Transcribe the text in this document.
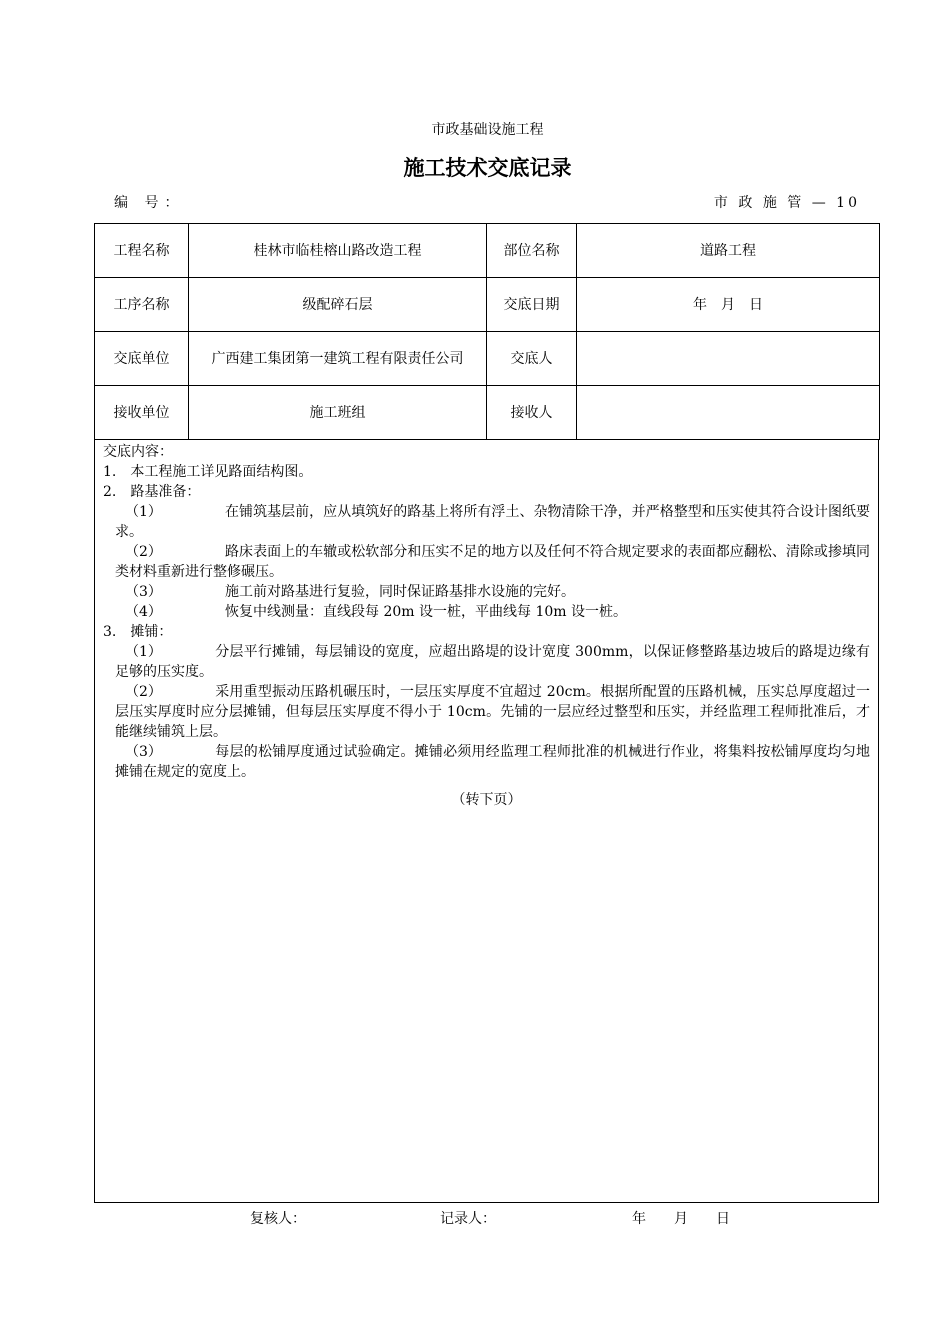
市政基础设施工程
施工技术交底记录
编 号：	市 政 施 管 — 10
工程名称	桂林市临桂榕山路改造工程	部位名称	道路工程
工序名称	级配碎石层	交底日期	年　月　日
交底单位	广西建工集团第一建筑工程有限责任公司	交底人	
接收单位	施工班组	接收人	
交底内容：
1.　本工程施工详见路面结构图。
2.　路基准备：
（1）	在铺筑基层前，应从填筑好的路基上将所有浮土、杂物清除干净，并严格整型和压实使其符合设计图纸要求。
（2）	路床表面上的车辙或松软部分和压实不足的地方以及任何不符合规定要求的表面都应翻松、清除或掺填同类材料重新进行整修碾压。
（3）	施工前对路基进行复验，同时保证路基排水设施的完好。
（4）	恢复中线测量：直线段每 20m 设一桩，平曲线每 10m 设一桩。
3.　摊铺：
（1）	分层平行摊铺，每层铺设的宽度，应超出路堤的设计宽度 300mm，以保证修整路基边坡后的路堤边缘有足够的压实度。
（2）	采用重型振动压路机碾压时，一层压实厚度不宜超过 20cm。根据所配置的压路机械，压实总厚度超过一层压实厚度时应分层摊铺，但每层压实厚度不得小于 10cm。先铺的一层应经过整型和压实，并经监理工程师批准后，才能继续铺筑上层。
（3）	每层的松铺厚度通过试验确定。摊铺必须用经监理工程师批准的机械进行作业，将集料按松铺厚度均匀地摊铺在规定的宽度上。
（转下页）
复核人：	记录人：	年　　月　　日
